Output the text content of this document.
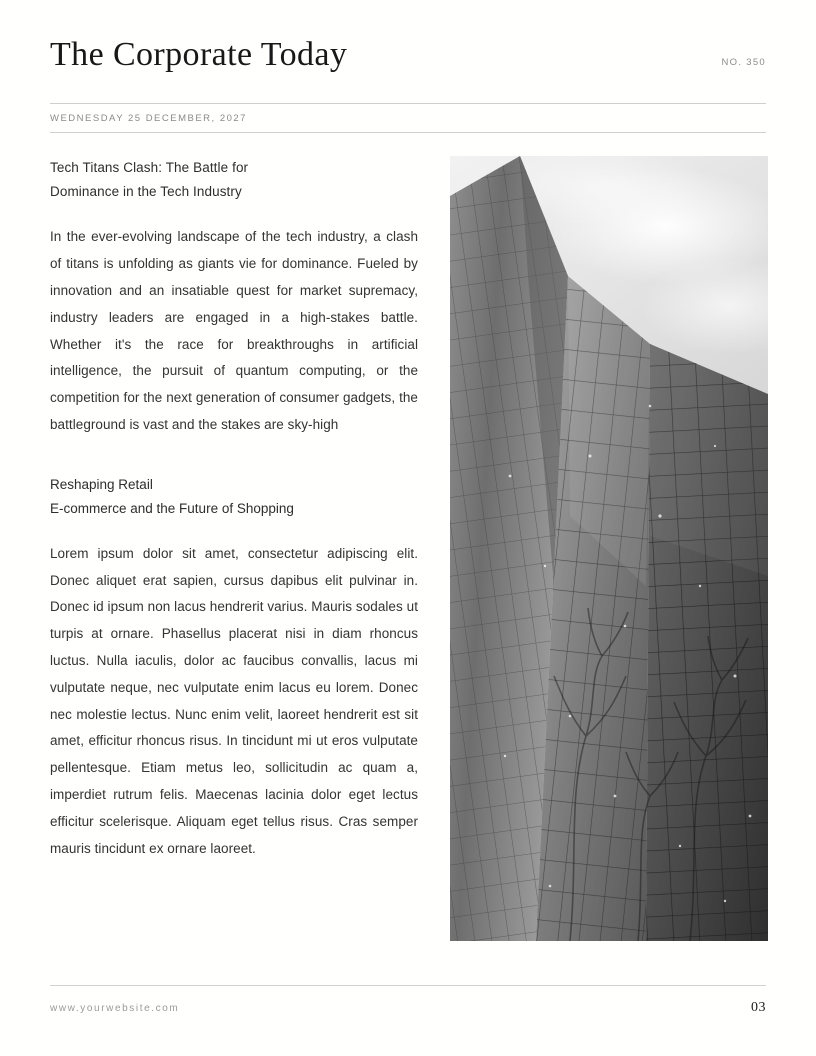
The Corporate Today	NO. 350
WEDNESDAY 25 DECEMBER, 2027
Tech Titans Clash: The Battle for
Dominance in the Tech Industry

In the ever-evolving landscape of the tech industry, a clash of titans is unfolding as giants vie for dominance. Fueled by innovation and an insatiable quest for market supremacy, industry leaders are engaged in a high-stakes battle. Whether it's the race for breakthroughs in artificial intelligence, the pursuit of quantum computing, or the competition for the next generation of consumer gadgets, the battleground is vast and the stakes are sky-high

Reshaping Retail
E-commerce and the Future of Shopping

Lorem ipsum dolor sit amet, consectetur adipiscing elit. Donec aliquet erat sapien, cursus dapibus elit pulvinar in. Donec id ipsum non lacus hendrerit varius. Mauris sodales ut turpis at ornare. Phasellus placerat nisi in diam rhoncus luctus. Nulla iaculis, dolor ac faucibus convallis, lacus mi vulputate neque, nec vulputate enim lacus eu lorem. Donec nec molestie lectus. Nunc enim velit, laoreet hendrerit est sit amet, efficitur rhoncus risus. In tincidunt mi ut eros vulputate pellentesque. Etiam metus leo, sollicitudin ac quam a, imperdiet rutrum felis. Maecenas lacinia dolor eget lectus efficitur scelerisque. Aliquam eget tellus risus. Cras semper mauris tincidunt ex ornare laoreet.

www.yourwebsite.com	03
